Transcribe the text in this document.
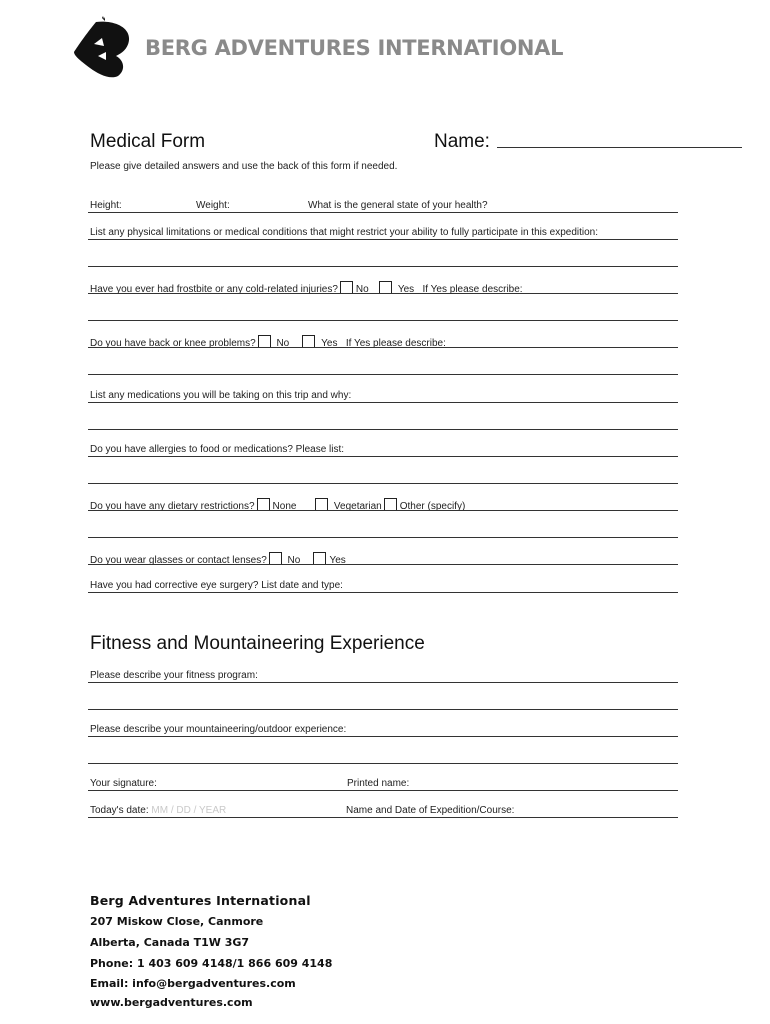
BERG ADVENTURES INTERNATIONAL
Medical Form	Name:
Please give detailed answers and use the back of this form if needed.
Height:	Weight:	What is the general state of your health?
List any physical limitations or medical conditions that might restrict your ability to fully participate in this expedition:
Have you ever had frostbite or any cold-related injuries? No	Yes If Yes please describe:
Do you have back or knee problems? No	Yes If Yes please describe:
List any medications you will be taking on this trip and why:
Do you have allergies to food or medications? Please list:
Do you have any dietary restrictions? None	Vegetarian Other (specify)
Do you wear glasses or contact lenses? No	Yes
Have you had corrective eye surgery? List date and type:
Fitness and Mountaineering Experience
Please describe your fitness program:
Please describe your mountaineering/outdoor experience:
Your signature:	Printed name:
Today's date: MM / DD / YEAR	Name and Date of Expedition/Course:
Berg Adventures International
207 Miskow Close, Canmore
Alberta, Canada T1W 3G7
Phone: 1 403 609 4148/1 866 609 4148
Email: info@bergadventures.com
www.bergadventures.com
